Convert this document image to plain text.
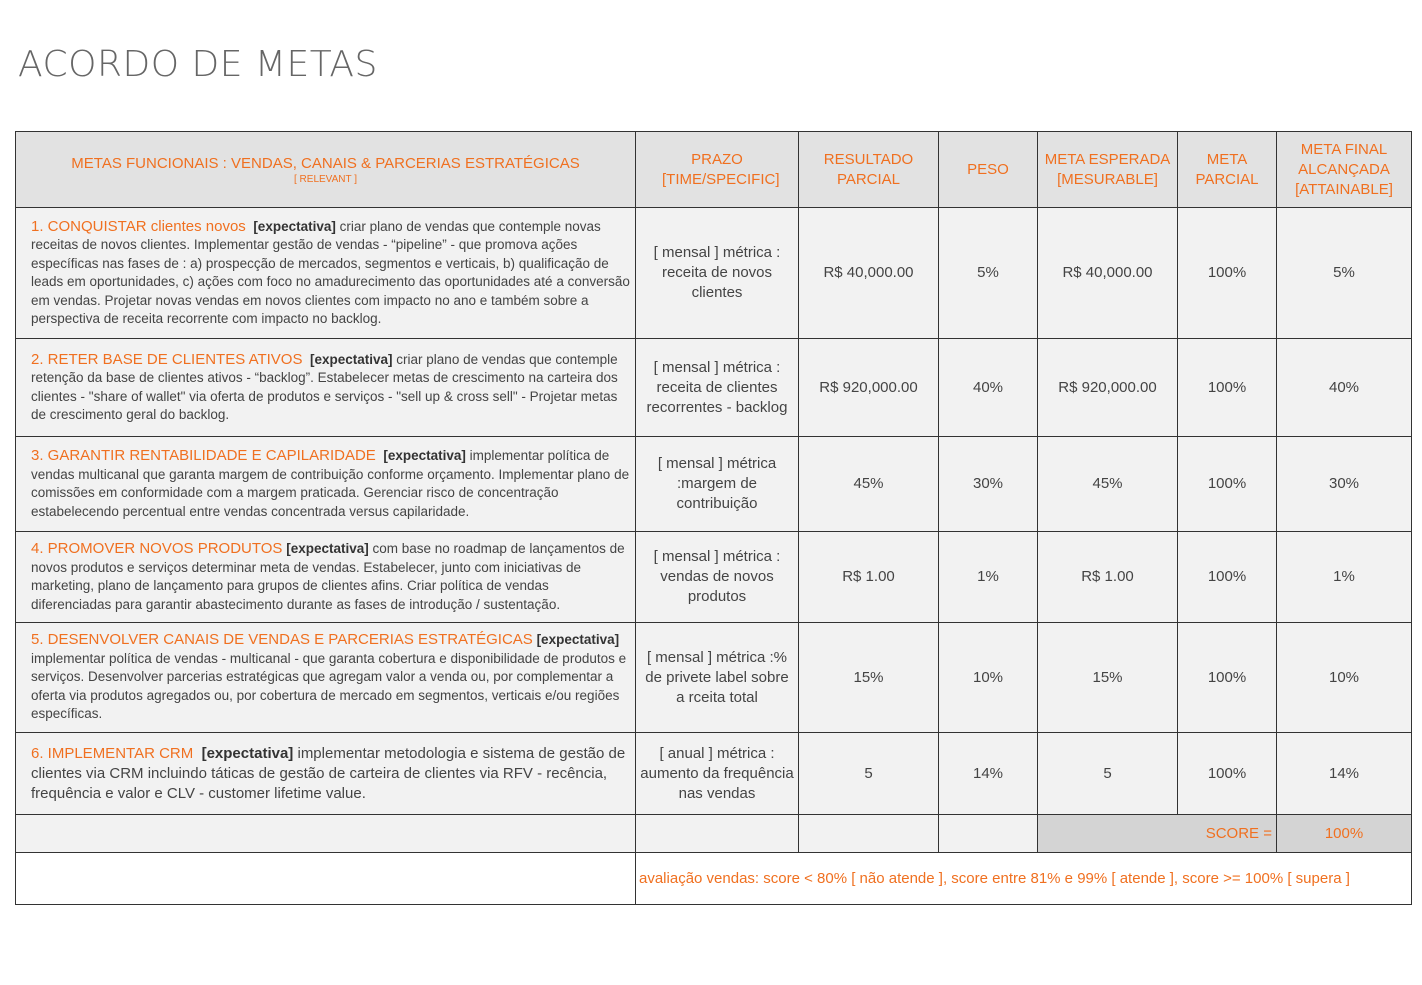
ACORDO DE METAS
METAS FUNCIONAIS : VENDAS, CANAIS & PARCERIAS ESTRATÉGICAS
[ RELEVANT ]	PRAZO [TIME/SPECIFIC]	RESULTADO PARCIAL	PESO	META ESPERADA [MESURABLE]	META PARCIAL	META FINAL ALCANÇADA [ATTAINABLE]
1. CONQUISTAR clientes novos [expectativa] criar plano de vendas que contemple novas receitas de novos clientes. Implementar gestão de vendas - “pipeline” - que promova ações específicas nas fases de : a) prospecção de mercados, segmentos e verticais, b) qualificação de leads em oportunidades, c) ações com foco no amadurecimento das oportunidades até a conversão em vendas. Projetar novas vendas em novos clientes com impacto no ano e também sobre a perspectiva de receita recorrente com impacto no backlog.	[ mensal ] métrica : receita de novos clientes	R$ 40,000.00	5%	R$ 40,000.00	100%	5%
2. RETER BASE DE CLIENTES ATIVOS [expectativa] criar plano de vendas que contemple retenção da base de clientes ativos - “backlog”. Estabelecer metas de crescimento na carteira dos clientes - "share of wallet" via oferta de produtos e serviços - "sell up & cross sell" - Projetar metas de crescimento geral do backlog.	[ mensal ] métrica : receita de clientes recorrentes - backlog	R$ 920,000.00	40%	R$ 920,000.00	100%	40%
3. GARANTIR RENTABILIDADE E CAPILARIDADE [expectativa] implementar política de vendas multicanal que garanta margem de contribuição conforme orçamento. Implementar plano de comissões em conformidade com a margem praticada. Gerenciar risco de concentração estabelecendo percentual entre vendas concentrada versus capilaridade.	[ mensal ] métrica :margem de contribuição	45%	30%	45%	100%	30%
4. PROMOVER NOVOS PRODUTOS [expectativa] com base no roadmap de lançamentos de novos produtos e serviços determinar meta de vendas. Estabelecer, junto com iniciativas de marketing, plano de lançamento para grupos de clientes afins. Criar política de vendas diferenciadas para garantir abastecimento durante as fases de introdução / sustentação.	[ mensal ] métrica : vendas de novos produtos	R$ 1.00	1%	R$ 1.00	100%	1%
5. DESENVOLVER CANAIS DE VENDAS E PARCERIAS ESTRATÉGICAS [expectativa] implementar política de vendas - multicanal - que garanta cobertura e disponibilidade de produtos e serviços. Desenvolver parcerias estratégicas que agregam valor a venda ou, por complementar a oferta via produtos agregados ou, por cobertura de mercado em segmentos, verticais e/ou regiões específicas.	[ mensal ] métrica :% de privete label sobre a rceita total	15%	10%	15%	100%	10%
6. IMPLEMENTAR CRM [expectativa] implementar metodologia e sistema de gestão de clientes via CRM incluindo táticas de gestão de carteira de clientes via RFV - recência, frequência e valor e CLV - customer lifetime value.	[ anual ] métrica : aumento da frequência nas vendas	5	14%	5	100%	14%
				SCORE =		100%
	avaliação vendas: score < 80% [ não atende ], score entre 81% e 99% [ atende ], score >= 100% [ supera ]					
